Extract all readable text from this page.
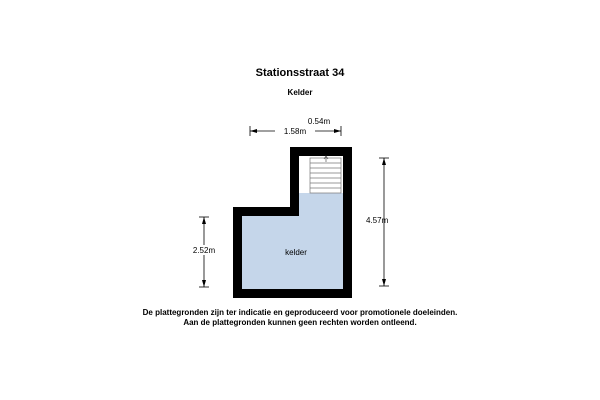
Stationsstraat 34
Kelder
kelder
1.58m
0.54m
4.57m
2.52m
De plattegronden zijn ter indicatie en geproduceerd voor promotionele doeleinden.
Aan de plattegronden kunnen geen rechten worden ontleend.
